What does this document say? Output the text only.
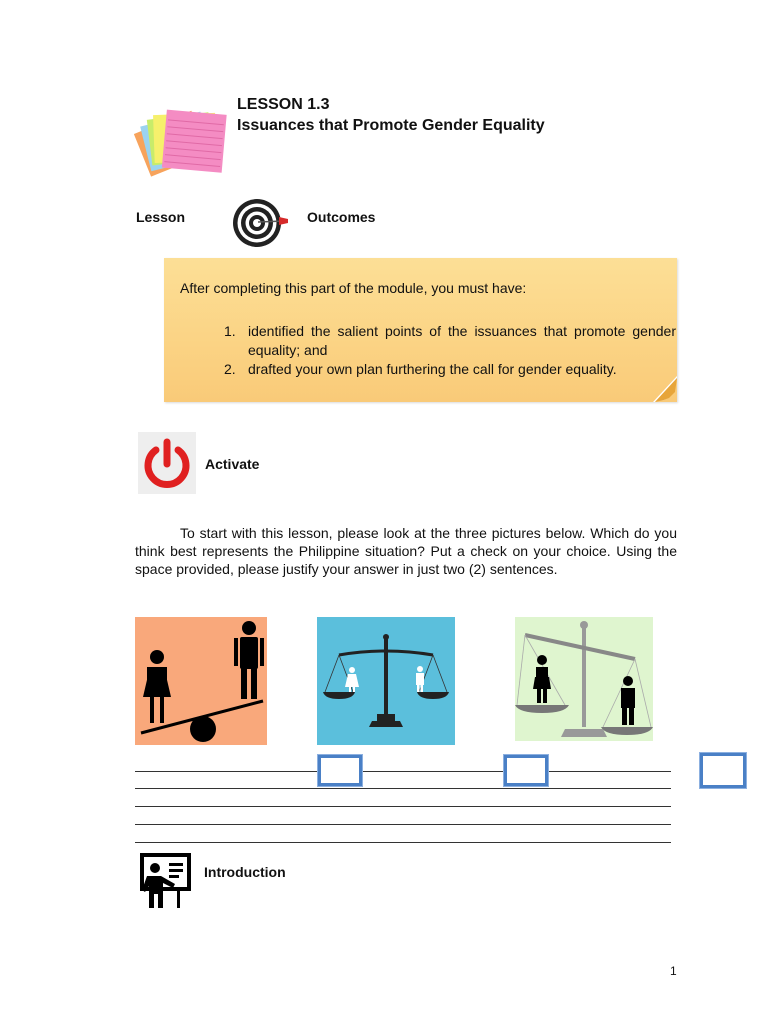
LESSON 1.3
Issuances that Promote Gender Equality
Lesson	Outcomes
After completing this part of the module, you must have:
1. identified the salient points of the issuances that promote gender equality; and
2. drafted your own plan furthering the call for gender equality.
Activate
To start with this lesson, please look at the three pictures below. Which do you think best represents the Philippine situation? Put a check on your choice. Using the space provided, please justify your answer in just two (2) sentences.
Introduction
1
